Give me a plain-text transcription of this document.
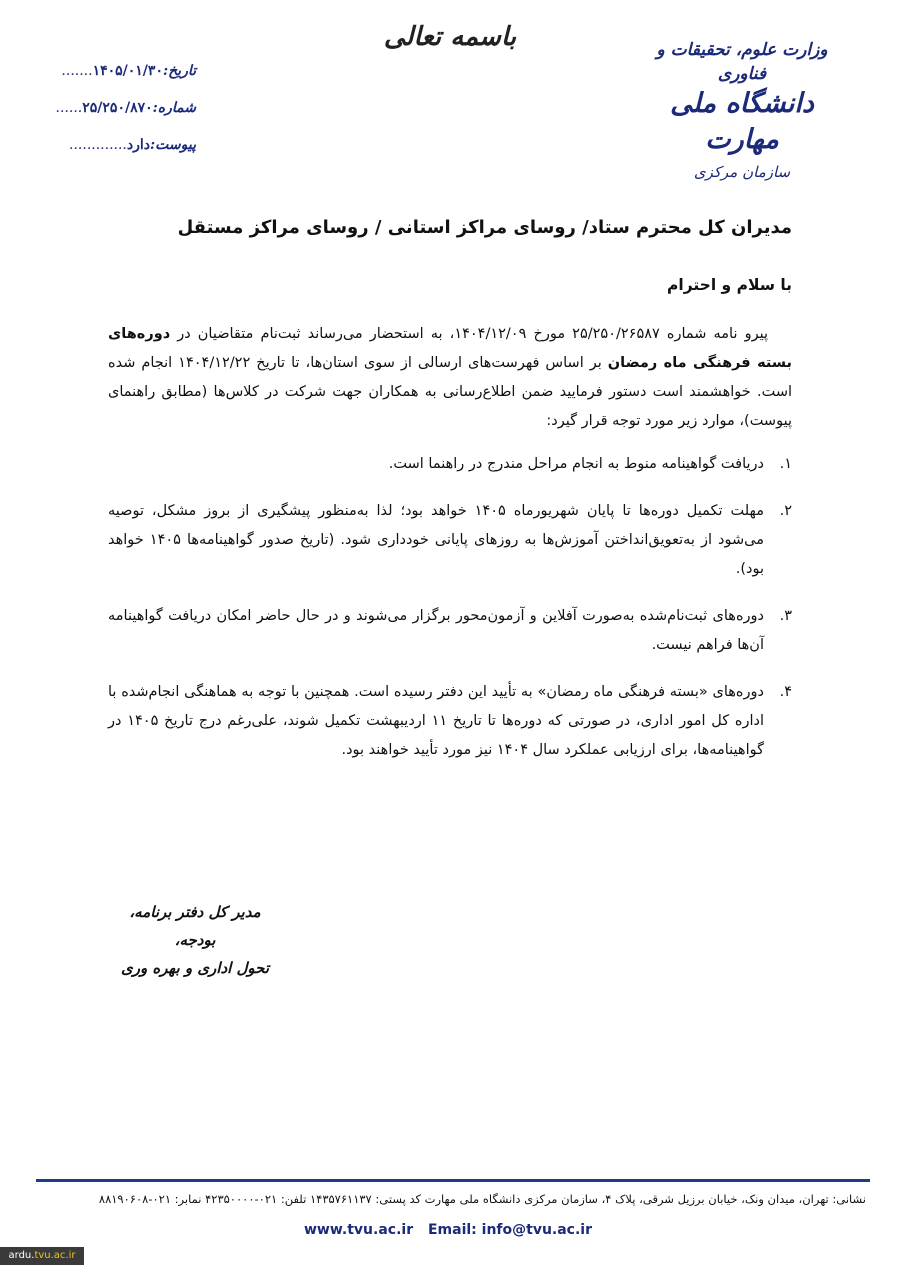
باسمه تعالی	وزارت علوم، تحقیقات و فناوری
دانشگاه ملی مهارت
سازمان مرکزی
تاریخ:۱۴۰۵/۰۱/۳۰.......
شماره:۲۵/۲۵۰/۸۷۰......
پیوست:دارد.............
مدیران کل محترم ستاد/ روسای مراکز استانی / روسای مراکز مستقل
با سلام و احترام

پیرو نامه شماره ۲۵/۲۵۰/۲۶۵۸۷ مورخ ۱۴۰۴/۱۲/۰۹، به استحضار می‌رساند ثبت‌نام متقاضیان در دوره‌های بسته فرهنگی ماه رمضان بر اساس فهرست‌های ارسالی از سوی استان‌ها، تا تاریخ ۱۴۰۴/۱۲/۲۲ انجام شده است. خواهشمند است دستور فرمایید ضمن اطلاع‌رسانی به همکاران جهت شرکت در کلاس‌ها (مطابق راهنمای پیوست)، موارد زیر مورد توجه قرار گیرد:

۱.
دریافت گواهینامه منوط به انجام مراحل مندرج در راهنما است.
۲.
مهلت تکمیل دوره‌ها تا پایان شهریورماه ۱۴۰۵ خواهد بود؛ لذا به‌منظور پیشگیری از بروز مشکل، توصیه می‌شود از به‌تعویق‌انداختن آموزش‌ها به روزهای پایانی خودداری شود. (تاریخ صدور گواهینامه‌ها ۱۴۰۵ خواهد بود).
۳.
دوره‌های ثبت‌نام‌شده به‌صورت آفلاین و آزمون‌محور برگزار می‌شوند و در حال حاضر امکان دریافت گواهینامه آن‌ها فراهم نیست.
۴.
دوره‌های «بسته فرهنگی ماه رمضان» به تأیید این دفتر رسیده است. همچنین با توجه به هماهنگی انجام‌شده با اداره کل امور اداری، در صورتی که دوره‌ها تا تاریخ ۱۱ اردیبهشت تکمیل شوند، علی‌رغم درج تاریخ ۱۴۰۵ در گواهینامه‌ها، برای ارزیابی عملکرد سال ۱۴۰۴ نیز مورد تأیید خواهند بود.
مدیر کل دفتر برنامه، بودجه،
تحول اداری و بهره وری
نشانی: تهران، میدان ونک، خیابان برزیل شرقی، پلاک ۴، سازمان مرکزی دانشگاه ملی مهارت کد پستی: ۱۴۳۵۷۶۱۱۳۷ تلفن: ۰۲۱-۴۲۳۵۰۰۰۰ نمابر: ۰۲۱-۸۸۱۹۰۶۰۸
www.tvu.ac.ir Email: info@tvu.ac.ir
ardu.tvu.ac.ir
